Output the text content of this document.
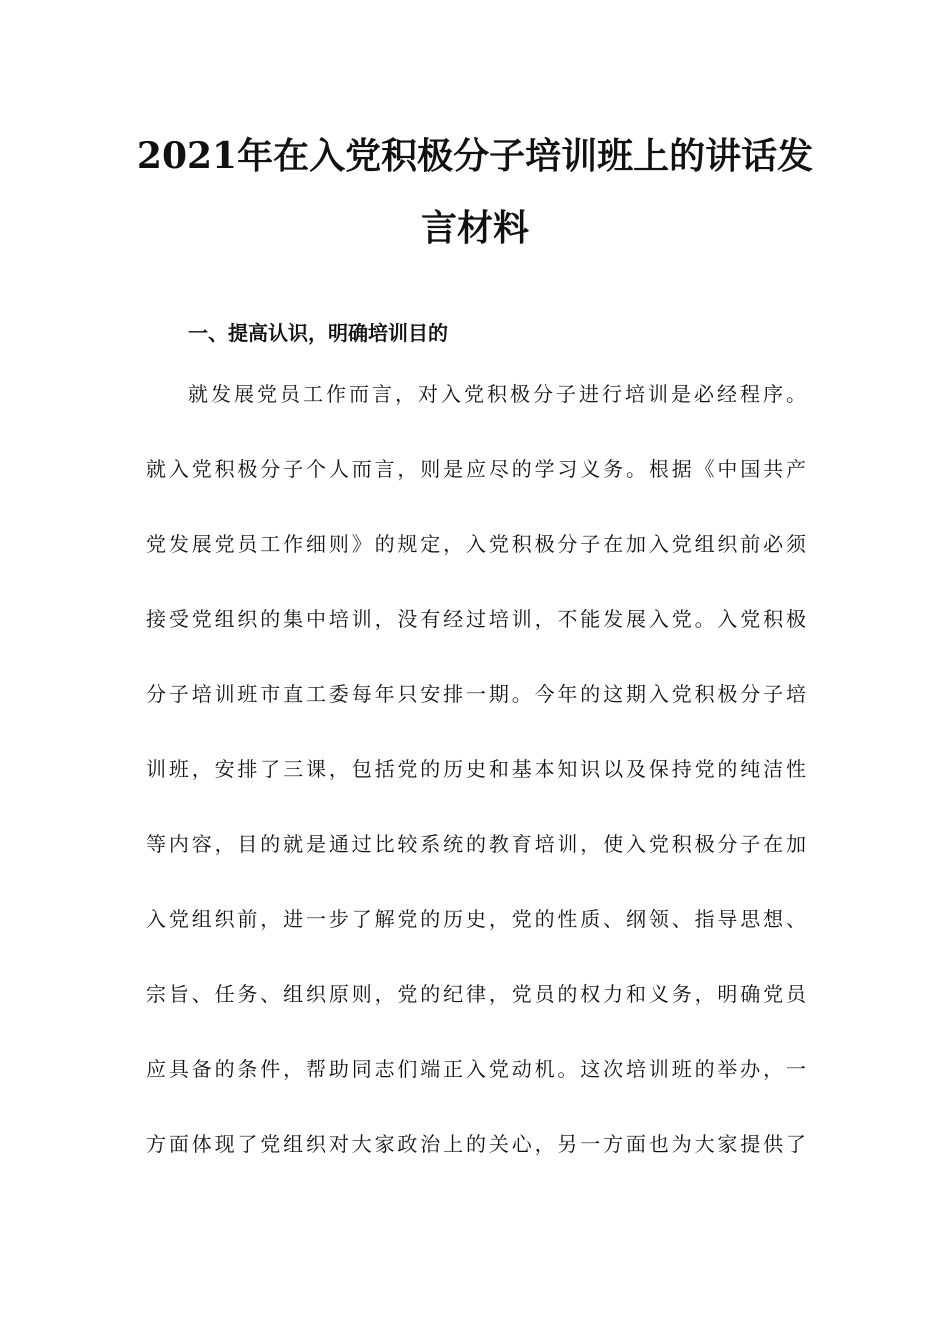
2021年在入党积极分子培训班上的讲话发
言材料
一、提高认识，明确培训目的
就发展党员工作而言，对入党积极分子进行培训是必经程序。
就入党积极分子个人而言，则是应尽的学习义务。根据《中国共产
党发展党员工作细则》的规定，入党积极分子在加入党组织前必须
接受党组织的集中培训，没有经过培训，不能发展入党。入党积极
分子培训班市直工委每年只安排一期。今年的这期入党积极分子培
训班，安排了三课，包括党的历史和基本知识以及保持党的纯洁性
等内容，目的就是通过比较系统的教育培训，使入党积极分子在加
入党组织前，进一步了解党的历史，党的性质、纲领、指导思想、
宗旨、任务、组织原则，党的纪律，党员的权力和义务，明确党员
应具备的条件，帮助同志们端正入党动机。这次培训班的举办，一
方面体现了党组织对大家政治上的关心，另一方面也为大家提供了
